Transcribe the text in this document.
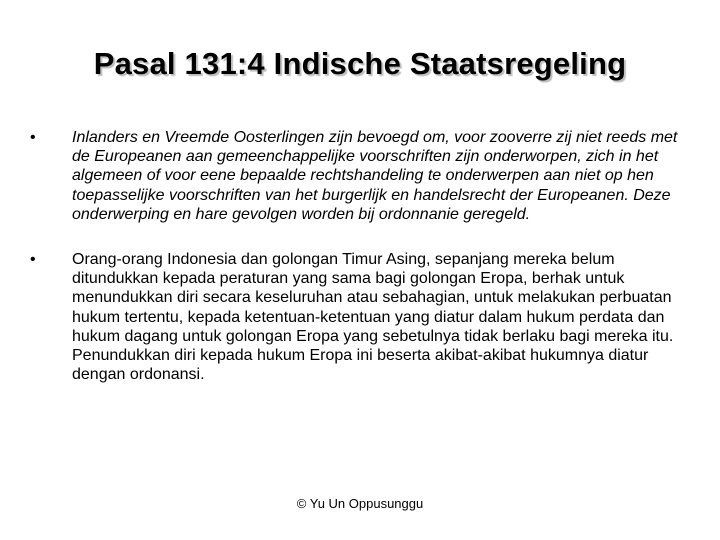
Pasal 131:4 Indische Staatsregeling
• Inlanders en Vreemde Oosterlingen zijn bevoegd om, voor zooverre zij niet reeds met de Europeanen aan gemeenchappelijke voorschriften zijn onderworpen, zich in het algemeen of voor eene bepaalde rechtshandeling te onderwerpen aan niet op hen toepasselijke voorschriften van het burgerlijk en handelsrecht der Europeanen. Deze onderwerping en hare gevolgen worden bij ordonnanie geregeld.
• Orang-orang Indonesia dan golongan Timur Asing, sepanjang mereka belum ditundukkan kepada peraturan yang sama bagi golongan Eropa, berhak untuk menundukkan diri secara keseluruhan atau sebahagian, untuk melakukan perbuatan hukum tertentu, kepada ketentuan-ketentuan yang diatur dalam hukum perdata dan hukum dagang untuk golongan Eropa yang sebetulnya tidak berlaku bagi mereka itu. Penundukkan diri kepada hukum Eropa ini beserta akibat-akibat hukumnya diatur dengan ordonansi.
© Yu Un Oppusunggu
